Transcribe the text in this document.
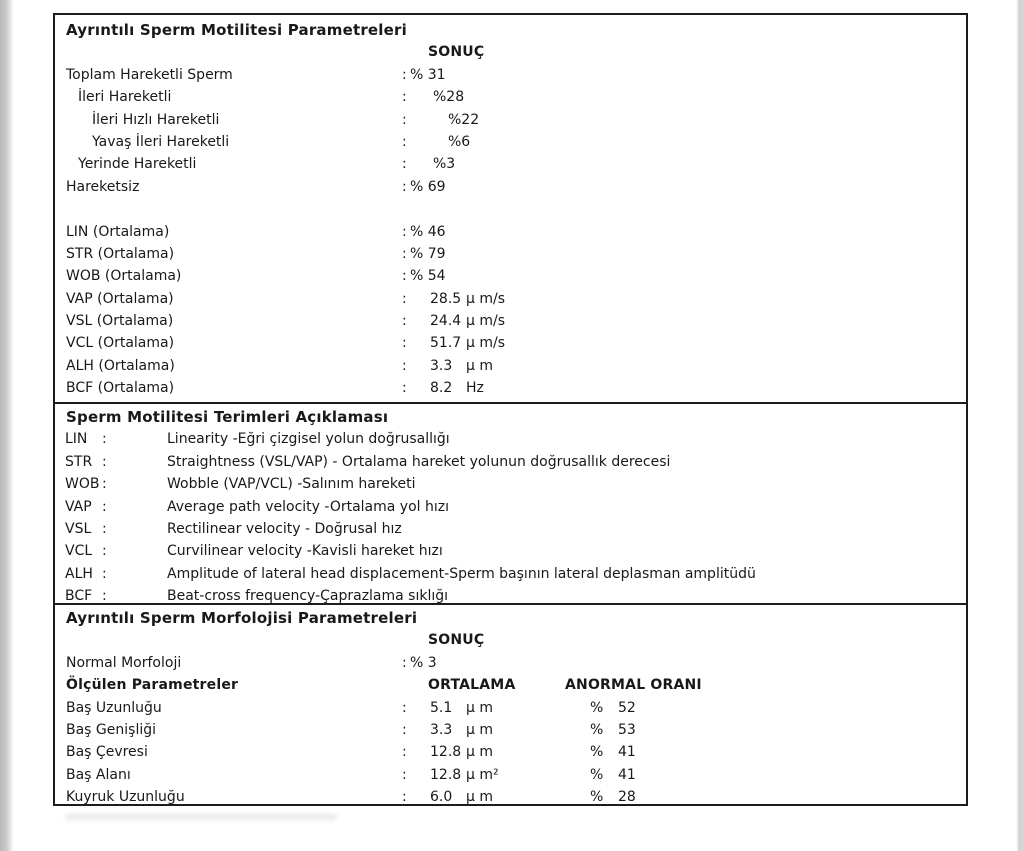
Ayrıntılı Sperm Motilitesi Parametreleri
SONUÇ
Toplam Hareketli Sperm	: % 31
İleri Hareketli	: %28
İleri Hızlı Hareketli	:	%22
Yavaş İleri Hareketli	:	%6
Yerinde Hareketli	: %3
Hareketsiz	: % 69
LIN (Ortalama)	: % 46
STR (Ortalama)	: % 79
WOB (Ortalama)	: % 54
VAP (Ortalama)	: 28.5 µ m/s
VSL (Ortalama)	: 24.4 µ m/s
VCL (Ortalama)	: 51.7 µ m/s
ALH (Ortalama)	: 3.3 µ m
BCF (Ortalama)	: 8.2 Hz
Sperm Motilitesi Terimleri Açıklaması
LIN :	Linearity -Eğri çizgisel yolun doğrusallığı
STR :	Straightness (VSL/VAP) - Ortalama hareket yolunun doğrusallık derecesi
WOB :	Wobble (VAP/VCL) -Salınım hareketi
VAP :	Average path velocity -Ortalama yol hızı
VSL :	Rectilinear velocity - Doğrusal hız
VCL :	Curvilinear velocity -Kavisli hareket hızı
ALH :	Amplitude of lateral head displacement-Sperm başının lateral deplasman amplitüdü
BCF :	Beat-cross frequency-Çaprazlama sıklığı
Ayrıntılı Sperm Morfolojisi Parametreleri
SONUÇ
Normal Morfoloji	: % 3
Ölçülen Parametreler	ORTALAMA	ANORMAL ORANI
Baş Uzunluğu	: 5.1 µ m	% 52
Baş Genişliği	: 3.3 µ m	% 53
Baş Çevresi	: 12.8 µ m	% 41
Baş Alanı	: 12.8 µ m²	% 41
Kuyruk Uzunluğu	: 6.0 µ m	% 28
